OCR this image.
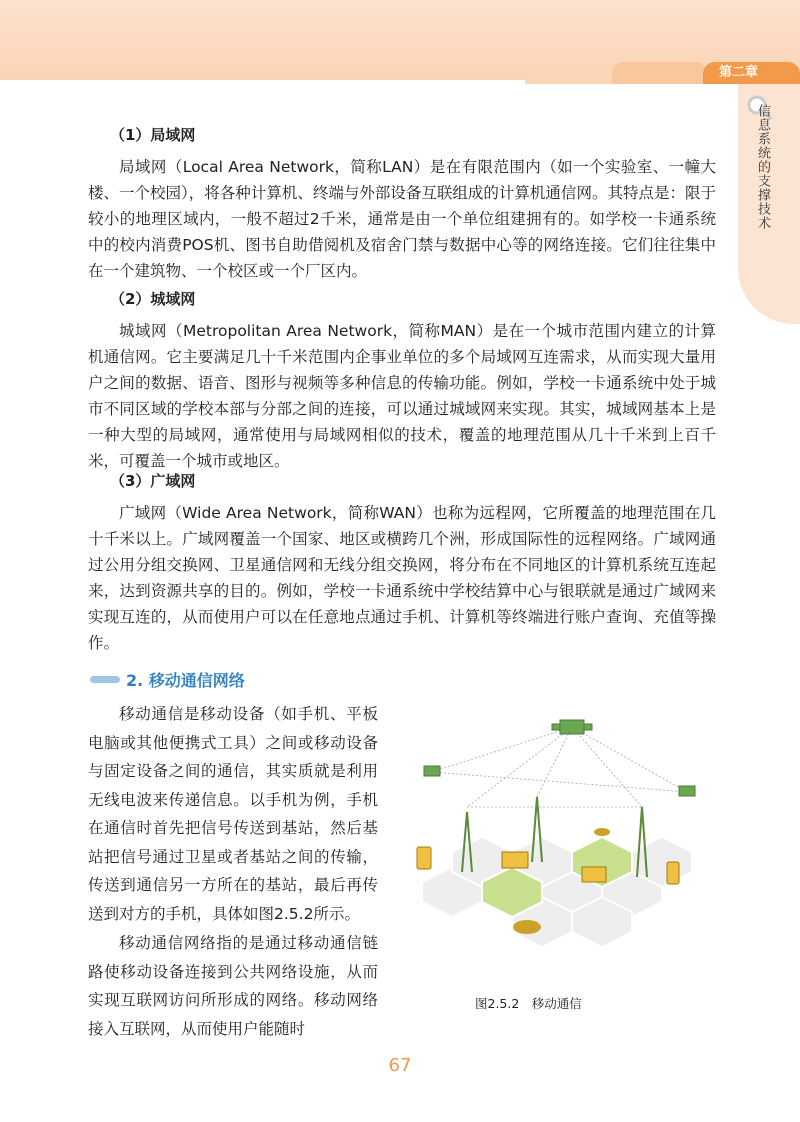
第二章
信息系统的支撑技术
（1）局域网
局域网（Local Area Network，简称LAN）是在有限范围内（如一个实验室、一幢大楼、一个校园），将各种计算机、终端与外部设备互联组成的计算机通信网。其特点是：限于较小的地理区域内，一般不超过2千米，通常是由一个单位组建拥有的。如学校一卡通系统中的校内消费POS机、图书自助借阅机及宿舍门禁与数据中心等的网络连接。它们往往集中在一个建筑物、一个校区或一个厂区内。
（2）城域网
城域网（Metropolitan Area Network，简称MAN）是在一个城市范围内建立的计算机通信网。它主要满足几十千米范围内企事业单位的多个局域网互连需求，从而实现大量用户之间的数据、语音、图形与视频等多种信息的传输功能。例如，学校一卡通系统中处于城市不同区域的学校本部与分部之间的连接，可以通过城域网来实现。其实，城域网基本上是一种大型的局域网，通常使用与局域网相似的技术，覆盖的地理范围从几十千米到上百千米，可覆盖一个城市或地区。
（3）广域网
广域网（Wide Area Network，简称WAN）也称为远程网，它所覆盖的地理范围在几十千米以上。广域网覆盖一个国家、地区或横跨几个洲，形成国际性的远程网络。广域网通过公用分组交换网、卫星通信网和无线分组交换网，将分布在不同地区的计算机系统互连起来，达到资源共享的目的。例如，学校一卡通系统中学校结算中心与银联就是通过广域网来实现互连的，从而使用户可以在任意地点通过手机、计算机等终端进行账户查询、充值等操作。
2. 移动通信网络
移动通信是移动设备（如手机、平板电脑或其他便携式工具）之间或移动设备与固定设备之间的通信，其实质就是利用无线电波来传递信息。以手机为例，手机在通信时首先把信号传送到基站，然后基站把信号通过卫星或者基站之间的传输，传送到通信另一方所在的基站，最后再传送到对方的手机，具体如图2.5.2所示。
移动通信网络指的是通过移动通信链路使移动设备连接到公共网络设施，从而实现互联网访问所形成的网络。移动网络接入互联网，从而使用户能随时
图2.5.2　移动通信
67
